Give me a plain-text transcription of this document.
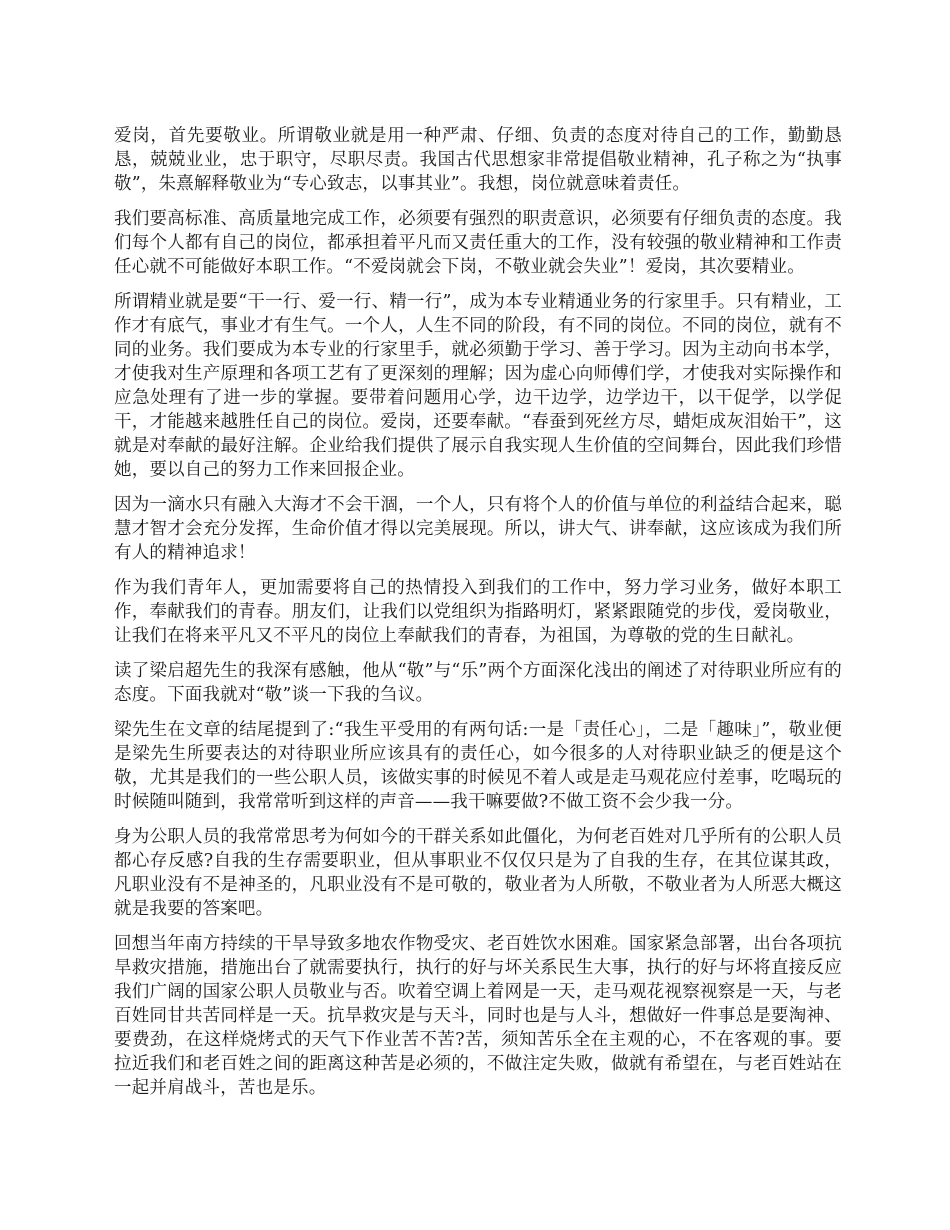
爱岗，首先要敬业。所谓敬业就是用一种严肃、仔细、负责的态度对待自己的工作，勤勤恳恳，兢兢业业，忠于职守，尽职尽责。我国古代思想家非常提倡敬业精神，孔子称之为“执事敬”，朱熹解释敬业为“专心致志，以事其业”。我想，岗位就意味着责任。

我们要高标准、高质量地完成工作，必须要有强烈的职责意识，必须要有仔细负责的态度。我们每个人都有自己的岗位，都承担着平凡而又责任重大的工作，没有较强的敬业精神和工作责任心就不可能做好本职工作。“不爱岗就会下岗，不敬业就会失业”！爱岗，其次要精业。

所谓精业就是要“干一行、爱一行、精一行”，成为本专业精通业务的行家里手。只有精业，工作才有底气，事业才有生气。一个人，人生不同的阶段，有不同的岗位。不同的岗位，就有不同的业务。我们要成为本专业的行家里手，就必须勤于学习、善于学习。因为主动向书本学，才使我对生产原理和各项工艺有了更深刻的理解；因为虚心向师傅们学，才使我对实际操作和应急处理有了进一步的掌握。要带着问题用心学，边干边学，边学边干，以干促学，以学促干，才能越来越胜任自己的岗位。爱岗，还要奉献。“春蚕到死丝方尽，蜡炬成灰泪始干”，这就是对奉献的最好注解。企业给我们提供了展示自我实现人生价值的空间舞台，因此我们珍惜她，要以自己的努力工作来回报企业。

因为一滴水只有融入大海才不会干涸，一个人，只有将个人的价值与单位的利益结合起来，聪慧才智才会充分发挥，生命价值才得以完美展现。所以，讲大气、讲奉献，这应该成为我们所有人的精神追求！

作为我们青年人，更加需要将自己的热情投入到我们的工作中，努力学习业务，做好本职工作，奉献我们的青春。朋友们，让我们以党组织为指路明灯，紧紧跟随党的步伐，爱岗敬业，让我们在将来平凡又不平凡的岗位上奉献我们的青春，为祖国，为尊敬的党的生日献礼。

读了梁启超先生的我深有感触，他从“敬”与“乐”两个方面深化浅出的阐述了对待职业所应有的态度。下面我就对“敬”谈一下我的刍议。

梁先生在文章的结尾提到了:“我生平受用的有两句话:一是「责任心」，二是「趣味」”，敬业便是梁先生所要表达的对待职业所应该具有的责任心，如今很多的人对待职业缺乏的便是这个敬，尤其是我们的一些公职人员，该做实事的时候见不着人或是走马观花应付差事，吃喝玩的时候随叫随到，我常常听到这样的声音——我干嘛要做?不做工资不会少我一分。

身为公职人员的我常常思考为何如今的干群关系如此僵化，为何老百姓对几乎所有的公职人员都心存反感?自我的生存需要职业，但从事职业不仅仅只是为了自我的生存，在其位谋其政，凡职业没有不是神圣的，凡职业没有不是可敬的，敬业者为人所敬，不敬业者为人所恶大概这就是我要的答案吧。

回想当年南方持续的干旱导致多地农作物受灾、老百姓饮水困难。国家紧急部署，出台各项抗旱救灾措施，措施出台了就需要执行，执行的好与坏关系民生大事，执行的好与坏将直接反应我们广阔的国家公职人员敬业与否。吹着空调上着网是一天，走马观花视察视察是一天，与老百姓同甘共苦同样是一天。抗旱救灾是与天斗，同时也是与人斗，想做好一件事总是要淘神、要费劲，在这样烧烤式的天气下作业苦不苦?苦，须知苦乐全在主观的心，不在客观的事。要拉近我们和老百姓之间的距离这种苦是必须的，不做注定失败，做就有希望在，与老百姓站在一起并肩战斗，苦也是乐。
